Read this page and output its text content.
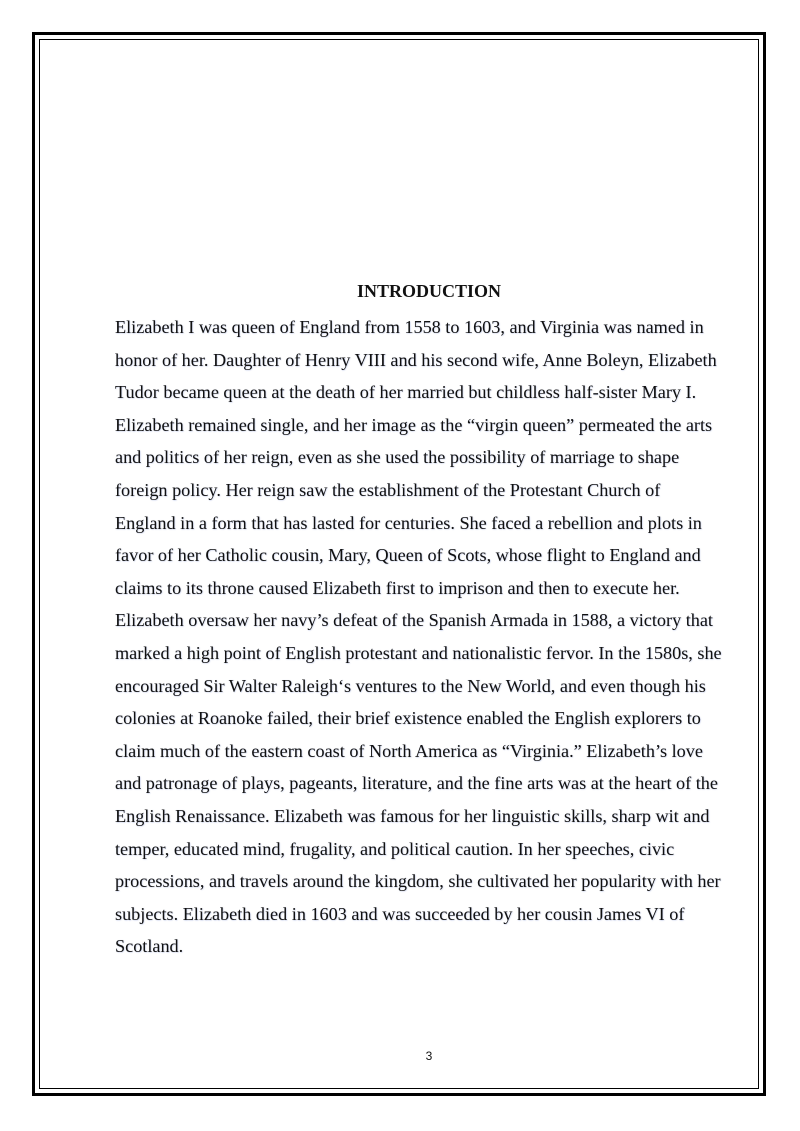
INTRODUCTION

Elizabeth I was queen of England from 1558 to 1603, and Virginia was named in
honor of her. Daughter of Henry VIII and his second wife, Anne Boleyn, Elizabeth
Tudor became queen at the death of her married but childless half-sister Mary I.
Elizabeth remained single, and her image as the “virgin queen” permeated the arts
and politics of her reign, even as she used the possibility of marriage to shape
foreign policy. Her reign saw the establishment of the Protestant Church of
England in a form that has lasted for centuries. She faced a rebellion and plots in
favor of her Catholic cousin, Mary, Queen of Scots, whose flight to England and
claims to its throne caused Elizabeth first to imprison and then to execute her.
Elizabeth oversaw her navy’s defeat of the Spanish Armada in 1588, a victory that
marked a high point of English protestant and nationalistic fervor. In the 1580s, she
encouraged Sir Walter Raleigh‘s ventures to the New World, and even though his
colonies at Roanoke failed, their brief existence enabled the English explorers to
claim much of the eastern coast of North America as “Virginia.” Elizabeth’s love
and patronage of plays, pageants, literature, and the fine arts was at the heart of the
English Renaissance. Elizabeth was famous for her linguistic skills, sharp wit and
temper, educated mind, frugality, and political caution. In her speeches, civic
processions, and travels around the kingdom, she cultivated her popularity with her
subjects. Elizabeth died in 1603 and was succeeded by her cousin James VI of
Scotland.

3
